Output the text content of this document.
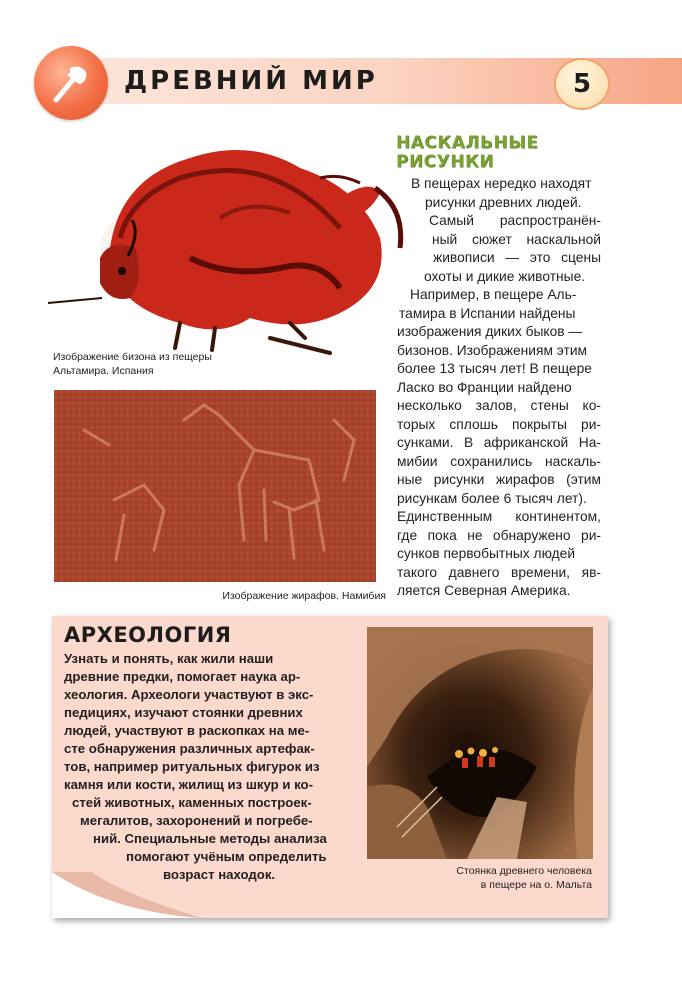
ДРЕВНИЙ МИР	5
Изображение бизона из пещеры
Альтамира. Испания
Изображение жирафов. Намибия
НАСКАЛЬНЫЕ
РИСУНКИ
В пещерах нередко находят
рисунки древних людей.
Самый распространён-
ный сюжет наскальной
живописи — это сцены
охоты и дикие животные.
Например, в пещере Аль-
тамира в Испании найдены
изображения диких быков —
бизонов. Изображениям этим
более 13 тысяч лет! В пещере
Ласко во Франции найдено
несколько залов, стены ко-
торых сплошь покрыты ри-
сунками. В африканской На-
мибии сохранились наскаль-
ные рисунки жирафов (этим
рисункам более 6 тысяч лет).
Единственным континентом,
где пока не обнаружено ри-
сунков первобытных людей
такого давнего времени, яв-
ляется Северная Америка.
АРХЕОЛОГИЯ
Узнать и понять, как жили наши
древние предки, помогает наука ар-
хеология. Археологи участвуют в экс-
педициях, изучают стоянки древних
людей, участвуют в раскопках на ме-
сте обнаружения различных артефак-
тов, например ритуальных фигурок из
камня или кости, жилищ из шкур и ко-
стей животных, каменных построек-
мегалитов, захоронений и погребе-
ний. Специальные методы анализа
помогают учёным определить
возраст находок.	Стоянка древнего человека
в пещере на о. Мальта
